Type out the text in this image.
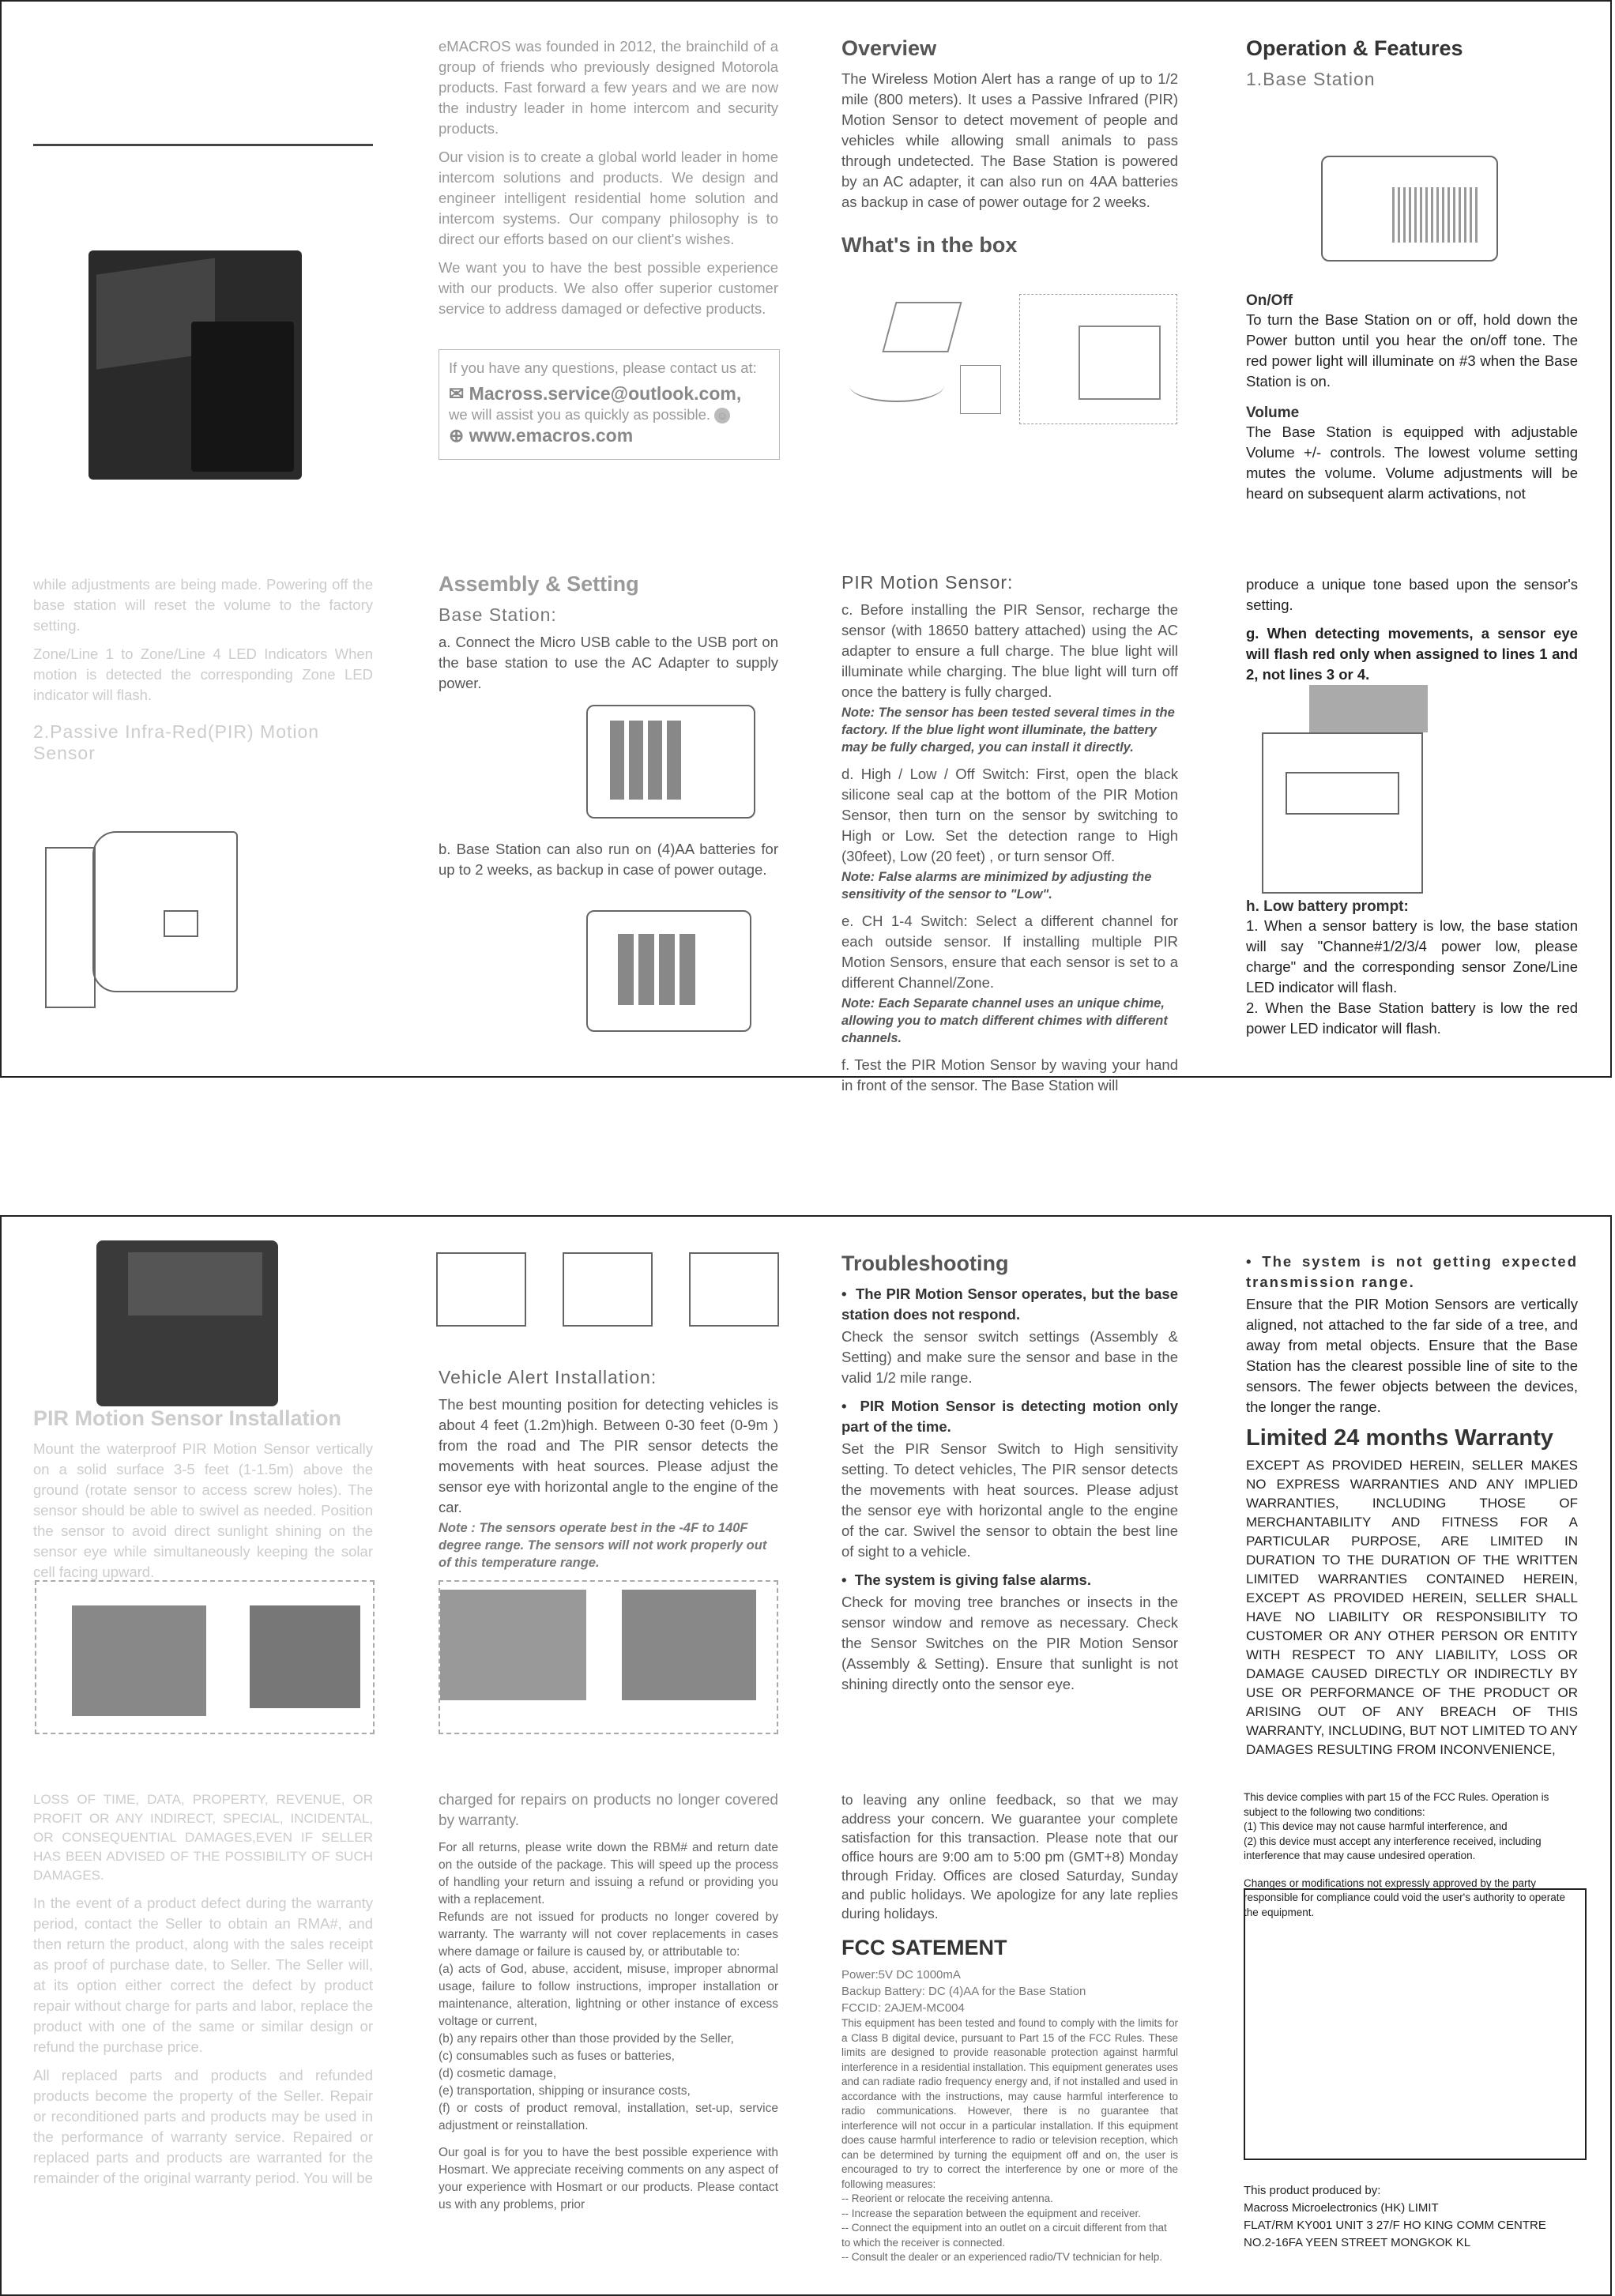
eMACROS was founded in 2012, the brainchild of a group of friends who previously designed Motorola products. Fast forward a few years and we are now the industry leader in home intercom and security products.

Our vision is to create a global world leader in home intercom solutions and products. We design and engineer intelligent residential home solution and intercom systems. Our company philosophy is to direct our efforts based on our client's wishes.

We want you to have the best possible experience with our products. We also offer superior customer service to address damaged or defective products.

If you have any questions, please contact us at:
✉ Macross.service@outlook.com,
we will assist you as quickly as possible. ☺
⊕ www.emacros.com
Overview

The Wireless Motion Alert has a range of up to 1/2 mile (800 meters). It uses a Passive Infrared (PIR) Motion Sensor to detect movement of people and vehicles while allowing small animals to pass through undetected. The Base Station is powered by an AC adapter, it can also run on 4AA batteries as backup in case of power outage for 2 weeks.

What's in the box
Operation & Features
1.Base Station
On/Off

To turn the Base Station on or off, hold down the Power button until you hear the on/off tone. The red power light will illuminate on #3 when the Base Station is on.

Volume

The Base Station is equipped with adjustable Volume +/- controls. The lowest volume setting mutes the volume. Volume adjustments will be heard on subsequent alarm activations, not

while adjustments are being made. Powering off the base station will reset the volume to the factory setting.

Zone/Line 1 to Zone/Line 4 LED Indicators When motion is detected the corresponding Zone LED indicator will flash.

2.Passive Infra-Red(PIR) Motion Sensor
Assembly & Setting
Base Station:

a. Connect the Micro USB cable to the USB port on the base station to use the AC Adapter to supply power.

b. Base Station can also run on (4)AA batteries for up to 2 weeks, as backup in case of power outage.

PIR Motion Sensor:

c. Before installing the PIR Sensor, recharge the sensor (with 18650 battery attached) using the AC adapter to ensure a full charge. The blue light will illuminate while charging. The blue light will turn off once the battery is fully charged.

Note: The sensor has been tested several times in the factory. If the blue light wont illuminate, the battery may be fully charged, you can install it directly.

d. High / Low / Off Switch: First, open the black silicone seal cap at the bottom of the PIR Motion Sensor, then turn on the sensor by switching to High or Low. Set the detection range to High (30feet), Low (20 feet) , or turn sensor Off.

Note: False alarms are minimized by adjusting the sensitivity of the sensor to "Low".

e. CH 1-4 Switch: Select a different channel for each outside sensor. If installing multiple PIR Motion Sensors, ensure that each sensor is set to a different Channel/Zone.

Note: Each Separate channel uses an unique chime, allowing you to match different chimes with different channels.

f. Test the PIR Motion Sensor by waving your hand in front of the sensor. The Base Station will

produce a unique tone based upon the sensor's setting.

g. When detecting movements, a sensor eye will flash red only when assigned to lines 1 and 2, not lines 3 or 4.

h. Low battery prompt:

1. When a sensor battery is low, the base station will say "Channe#1/2/3/4 power low, please charge" and the corresponding sensor Zone/Line LED indicator will flash.

2. When the Base Station battery is low the red power LED indicator will flash.

PIR Motion Sensor Installation

Mount the waterproof PIR Motion Sensor vertically on a solid surface 3-5 feet (1-1.5m) above the ground (rotate sensor to access screw holes). The sensor should be able to swivel as needed. Position the sensor to avoid direct sunlight shining on the sensor eye while simultaneously keeping the solar cell facing upward.

Vehicle Alert Installation:

The best mounting position for detecting vehicles is about 4 feet (1.2m)high. Between 0-30 feet (0-9m ) from the road and The PIR sensor detects the movements with heat sources. Please adjust the sensor eye with horizontal angle to the engine of the car.

Note : The sensors operate best in the -4F to 140F degree range. The sensors will not work properly out of this temperature range.

Troubleshooting

•  The PIR Motion Sensor operates, but the base station does not respond.

Check the sensor switch settings (Assembly & Setting) and make sure the sensor and base in the valid 1/2 mile range.

•  PIR Motion Sensor is detecting motion only part of the time.

Set the PIR Sensor Switch to High sensitivity setting. To detect vehicles, The PIR sensor detects the movements with heat sources. Please adjust the sensor eye with horizontal angle to the engine of the car. Swivel the sensor to obtain the best line of sight to a vehicle.

•  The system is giving false alarms.

Check for moving tree branches or insects in the sensor window and remove as necessary. Check the Sensor Switches on the PIR Motion Sensor (Assembly & Setting). Ensure that sunlight is not shining directly onto the sensor eye.

• The system is not getting expected transmission range.

Ensure that the PIR Motion Sensors are vertically aligned, not attached to the far side of a tree, and away from metal objects. Ensure that the Base Station has the clearest possible line of site to the sensors. The fewer objects between the devices, the longer the range.

Limited 24 months Warranty

EXCEPT AS PROVIDED HEREIN, SELLER MAKES NO EXPRESS WARRANTIES AND ANY IMPLIED WARRANTIES, INCLUDING THOSE OF MERCHANTABILITY AND FITNESS FOR A PARTICULAR PURPOSE, ARE LIMITED IN DURATION TO THE DURATION OF THE WRITTEN LIMITED WARRANTIES CONTAINED HEREIN, EXCEPT AS PROVIDED HEREIN, SELLER SHALL HAVE NO LIABILITY OR RESPONSIBILITY TO CUSTOMER OR ANY OTHER PERSON OR ENTITY WITH RESPECT TO ANY LIABILITY, LOSS OR DAMAGE CAUSED DIRECTLY OR INDIRECTLY BY USE OR PERFORMANCE OF THE PRODUCT OR ARISING OUT OF ANY BREACH OF THIS WARRANTY, INCLUDING, BUT NOT LIMITED TO ANY DAMAGES RESULTING FROM INCONVENIENCE,

LOSS OF TIME, DATA, PROPERTY, REVENUE, OR PROFIT OR ANY INDIRECT, SPECIAL, INCIDENTAL, OR CONSEQUENTIAL DAMAGES,EVEN IF SELLER HAS BEEN ADVISED OF THE POSSIBILITY OF SUCH DAMAGES.

In the event of a product defect during the warranty period, contact the Seller to obtain an RMA#, and then return the product, along with the sales receipt as proof of purchase date, to Seller. The Seller will, at its option either correct the defect by product repair without charge for parts and labor, replace the product with one of the same or similar design or refund the purchase price.

All replaced parts and products and refunded products become the property of the Seller. Repair or reconditioned parts and products may be used in the performance of warranty service. Repaired or replaced parts and products are warranted for the remainder of the original warranty period. You will be

charged for repairs on products no longer covered by warranty.

For all returns, please write down the RBM# and return date on the outside of the package. This will speed up the process of handling your return and issuing a refund or providing you with a replacement.

Refunds are not issued for products no longer covered by warranty. The warranty will not cover replacements in cases where damage or failure is caused by, or attributable to:

(a) acts of God, abuse, accident, misuse, improper abnormal usage, failure to follow instructions, improper installation or maintenance, alteration, lightning or other instance of excess voltage or current,
(b) any repairs other than those provided by the Seller,
(c) consumables such as fuses or batteries,
(d) cosmetic damage,
(e) transportation, shipping or insurance costs,
(f) or costs of product removal, installation, set-up, service adjustment or reinstallation.

Our goal is for you to have the best possible experience with Hosmart. We appreciate receiving comments on any aspect of your experience with Hosmart or our products. Please contact us with any problems, prior

to leaving any online feedback, so that we may address your concern. We guarantee your complete satisfaction for this transaction. Please note that our office hours are 9:00 am to 5:00 pm (GMT+8) Monday through Friday. Offices are closed Saturday, Sunday and public holidays. We apologize for any late replies during holidays.

FCC SATEMENT
Power:5V DC 1000mA
Backup Battery: DC (4)AA for the Base Station
FCCID: 2AJEM-MC004
This equipment has been tested and found to comply with the limits for a Class B digital device, pursuant to Part 15 of the FCC Rules. These limits are designed to provide reasonable protection against harmful interference in a residential installation. This equipment generates uses and can radiate radio frequency energy and, if not installed and used in accordance with the instructions, may cause harmful interference to radio communications. However, there is no guarantee that interference will not occur in a particular installation. If this equipment does cause harmful interference to radio or television reception, which can be determined by turning the equipment off and on, the user is encouraged to try to correct the interference by one or more of the following measures:
-- Reorient or relocate the receiving antenna.
-- Increase the separation between the equipment and receiver.
-- Connect the equipment into an outlet on a circuit different from that to which the receiver is connected.
-- Consult the dealer or an experienced radio/TV technician for help.
This device complies with part 15 of the FCC Rules. Operation is subject to the following two conditions:
(1) This device may not cause harmful interference, and
(2) this device must accept any interference received, including interference that may cause undesired operation.
Changes or modifications not expressly approved by the party responsible for compliance could void the user's authority to operate the equipment.
This product produced by:
Macross Microelectronics (HK) LIMIT
FLAT/RM KY001 UNIT 3 27/F HO KING COMM CENTRE
NO.2-16FA YEEN STREET MONGKOK KL
